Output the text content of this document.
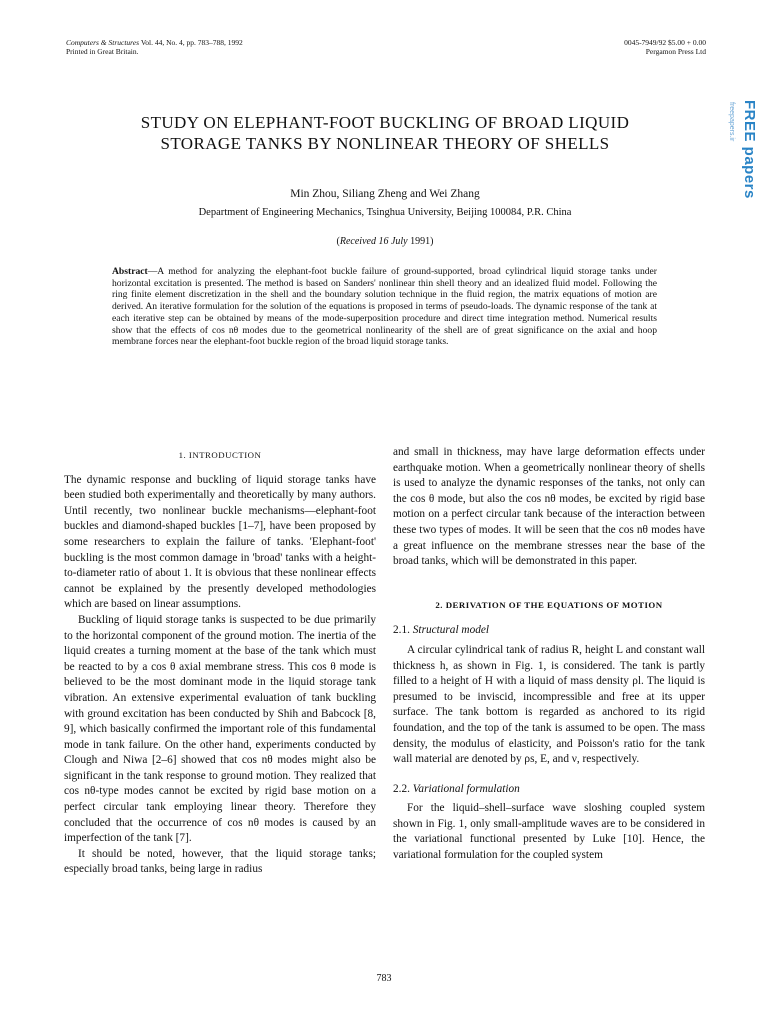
Computers & Structures Vol. 44, No. 4, pp. 783–788, 1992
Printed in Great Britain.
0045-7949/92 $5.00 + 0.00
Pergamon Press Ltd
freepapers.ir FREE papers
STUDY ON ELEPHANT-FOOT BUCKLING OF BROAD LIQUID STORAGE TANKS BY NONLINEAR THEORY OF SHELLS
Min Zhou, Siliang Zheng and Wei Zhang
Department of Engineering Mechanics, Tsinghua University, Beijing 100084, P.R. China
(Received 16 July 1991)
Abstract—A method for analyzing the elephant-foot buckle failure of ground-supported, broad cylindrical liquid storage tanks under horizontal excitation is presented. The method is based on Sanders' nonlinear thin shell theory and an idealized fluid model. Following the ring finite element discretization in the shell and the boundary solution technique in the fluid region, the matrix equations of motion are derived. An iterative formulation for the solution of the equations is proposed in terms of pseudo-loads. The dynamic response of the tank at each iterative step can be obtained by means of the mode-superposition procedure and direct time integration method. Numerical results show that the effects of cos nθ modes due to the geometrical nonlinearity of the shell are of great significance on the axial and hoop membrane forces near the elephant-foot buckle region of the broad liquid storage tanks.
1. INTRODUCTION

The dynamic response and buckling of liquid storage tanks have been studied both experimentally and theoretically by many authors. Until recently, two nonlinear buckle mechanisms—elephant-foot buckles and diamond-shaped buckles [1–7], have been proposed by some researchers to explain the failure of tanks. 'Elephant-foot' buckling is the most common damage in 'broad' tanks with a height-to-diameter ratio of about 1. It is obvious that these nonlinear effects cannot be explained by the presently developed methodologies which are based on linear assumptions.

Buckling of liquid storage tanks is suspected to be due primarily to the horizontal component of the ground motion. The inertia of the liquid creates a turning moment at the base of the tank which must be reacted to by a cos θ axial membrane stress. This cos θ mode is believed to be the most dominant mode in the liquid storage tank vibration. An extensive experimental evaluation of tank buckling with ground excitation has been conducted by Shih and Babcock [8, 9], which basically confirmed the important role of this fundamental mode in tank failure. On the other hand, experiments conducted by Clough and Niwa [2–6] showed that cos nθ modes might also be significant in the tank response to ground motion. They realized that cos nθ-type modes cannot be excited by rigid base motion on a perfect circular tank employing linear theory. Therefore they concluded that the occurrence of cos nθ modes is caused by an imperfection of the tank [7].

It should be noted, however, that the liquid storage tanks; especially broad tanks, being large in radius

and small in thickness, may have large deformation effects under earthquake motion. When a geometrically nonlinear theory of shells is used to analyze the dynamic responses of the tanks, not only can the cos θ mode, but also the cos nθ modes, be excited by rigid base motion on a perfect circular tank because of the interaction between these two types of modes. It will be seen that the cos nθ modes have a great influence on the membrane stresses near the base of the broad tanks, which will be demonstrated in this paper.

2. DERIVATION OF THE EQUATIONS OF MOTION
2.1. Structural model

A circular cylindrical tank of radius R, height L and constant wall thickness h, as shown in Fig. 1, is considered. The tank is partly filled to a height of H with a liquid of mass density ρl. The liquid is presumed to be inviscid, incompressible and free at its upper surface. The tank bottom is regarded as anchored to its rigid foundation, and the top of the tank is assumed to be open. The mass density, the modulus of elasticity, and Poisson's ratio for the tank wall material are denoted by ρs, E, and ν, respectively.

2.2. Variational formulation

For the liquid–shell–surface wave sloshing coupled system shown in Fig. 1, only small-amplitude waves are to be considered in the variational functional presented by Luke [10]. Hence, the variational formulation for the coupled system

783
